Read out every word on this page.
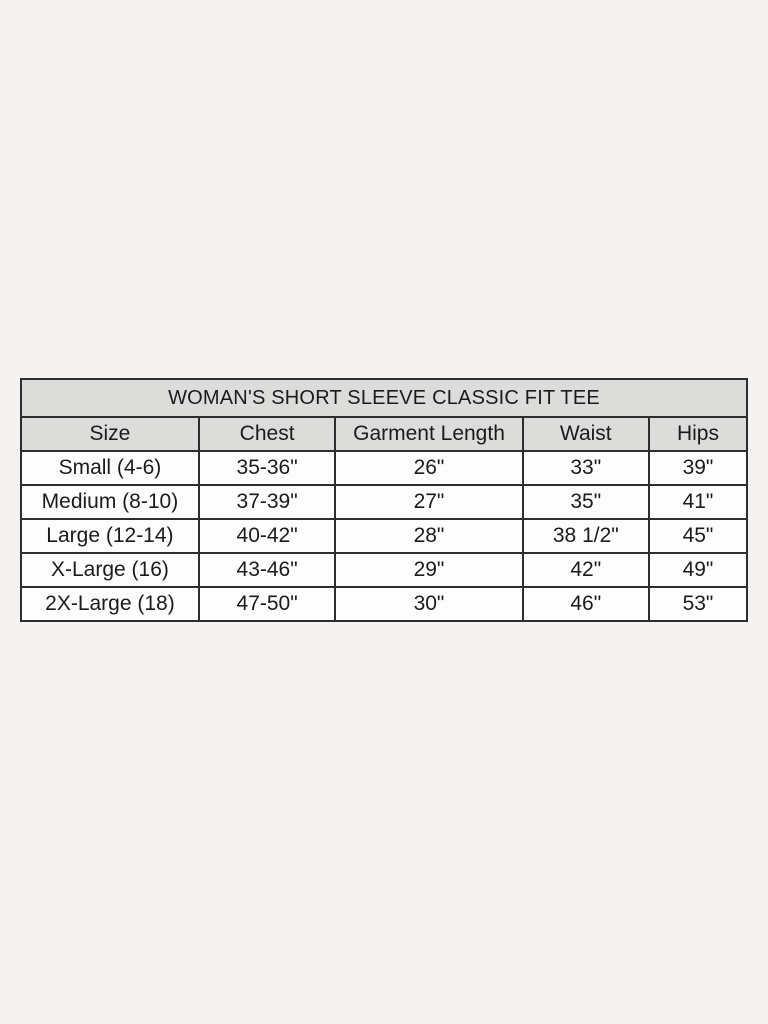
WOMAN'S SHORT SLEEVE CLASSIC FIT TEE				
Size	Chest	Garment Length	Waist	Hips
Small (4-6)	35-36"	26"	33"	39"
Medium (8-10)	37-39"	27"	35"	41"
Large (12-14)	40-42"	28"	38 1/2"	45"
X-Large (16)	43-46"	29"	42"	49"
2X-Large (18)	47-50"	30"	46"	53"
